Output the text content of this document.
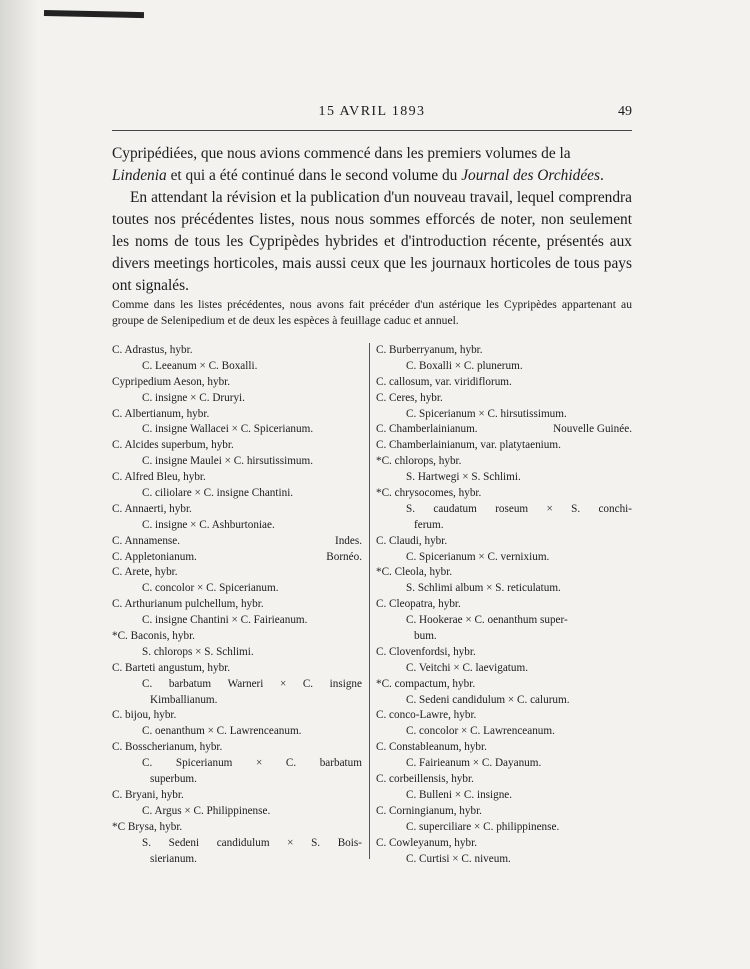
15 AVRIL 1893	49

Cypripédiées, que nous avions commencé dans les premiers volumes de la
Lindenia et qui a été continué dans le second volume du Journal des Orchidées.

En attendant la révision et la publication d'un nouveau travail, lequel comprendra toutes nos précédentes listes, nous nous sommes efforcés de noter, non seulement les noms de tous les Cypripèdes hybrides et d'introduction récente, présentés aux divers meetings horticoles, mais aussi ceux que les journaux horticoles de tous pays ont signalés.

Comme dans les listes précédentes, nous avons fait précéder d'un astérique les Cypripèdes appartenant au groupe de Selenipedium et de deux les espèces à feuillage caduc et annuel.

C. Adrastus, hybr.
C. Leeanum × C. Boxalli.
Cypripedium Aeson, hybr.
C. insigne × C. Druryi.
C. Albertianum, hybr.
C. insigne Wallacei × C. Spicerianum.
C. Alcides superbum, hybr.
C. insigne Maulei × C. hirsutissimum.
C. Alfred Bleu, hybr.
C. ciliolare × C. insigne Chantini.
C. Annaerti, hybr.
C. insigne × C. Ashburtoniae.
C. Annamense.	Indes.
C. Appletonianum.	Bornéo.
C. Arete, hybr.
C. concolor × C. Spicerianum.
C. Arthurianum pulchellum, hybr.
C. insigne Chantini × C. Fairieanum.
*C. Baconis, hybr.
S. chlorops × S. Schlimi.
C. Barteti angustum, hybr.
C. barbatum Warneri × C. insigne
Kimballianum.
C. bijou, hybr.
C. oenanthum × C. Lawrenceanum.
C. Bosscherianum, hybr.
C. Spicerianum × C. barbatum
superbum.
C. Bryani, hybr.
C. Argus × C. Philippinense.
*C Brysa, hybr.
S. Sedeni candidulum × S. Bois-
sierianum.
C. Burberryanum, hybr.
C. Boxalli × C. plunerum.
C. callosum, var. viridiflorum.
C. Ceres, hybr.
C. Spicerianum × C. hirsutissimum.
C. Chamberlainianum.	Nouvelle Guinée.
C. Chamberlainianum, var. platytaenium.
*C. chlorops, hybr.
S. Hartwegi × S. Schlimi.
*C. chrysocomes, hybr.
S. caudatum roseum × S. conchi-
ferum.
C. Claudi, hybr.
C. Spicerianum × C. vernixium.
*C. Cleola, hybr.
S. Schlimi album × S. reticulatum.
C. Cleopatra, hybr.
C. Hookerae × C. oenanthum super-
bum.
C. Clovenfordsi, hybr.
C. Veitchi × C. laevigatum.
*C. compactum, hybr.
C. Sedeni candidulum × C. calurum.
C. conco-Lawre, hybr.
C. concolor × C. Lawrenceanum.
C. Constableanum, hybr.
C. Fairieanum × C. Dayanum.
C. corbeillensis, hybr.
C. Bulleni × C. insigne.
C. Corningianum, hybr.
C. superciliare × C. philippinense.
C. Cowleyanum, hybr.
C. Curtisi × C. niveum.
